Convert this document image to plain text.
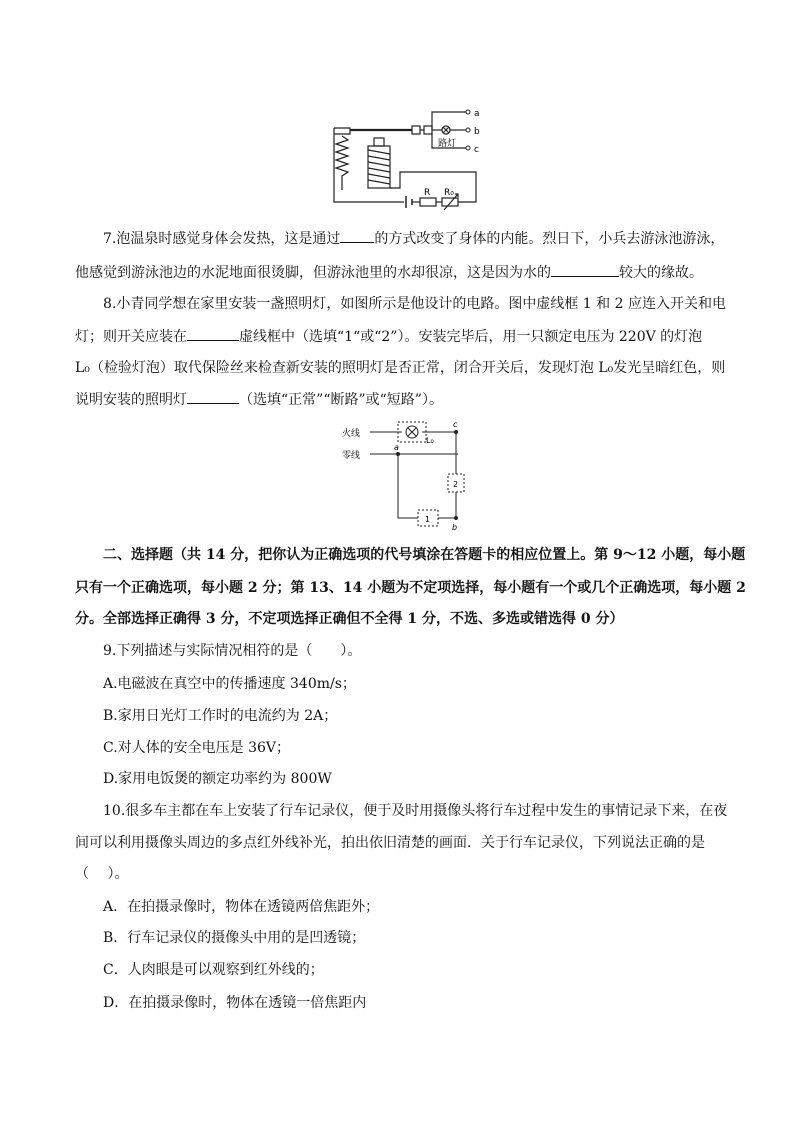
a
b
c
路灯
R R₀
7.泡温泉时感觉身体会发热，这是通过 的方式改变了身体的内能。烈日下，小兵去游泳池游泳，
他感觉到游泳池边的水泥地面很烫脚，但游泳池里的水却很凉，这是因为水的	较大的缘故。
8.小青同学想在家里安装一盏照明灯，如图所示是他设计的电路。图中虚线框 1 和 2 应连入开关和电
灯；则开关应装在	虚线框中（选填“1“或“2”）。安装完毕后，用一只额定电压为 220V 的灯泡
L₀（检验灯泡）取代保险丝来检查新安装的照明灯是否正常，闭合开关后，发现灯泡 L₀发光呈暗红色，则
说明安装的照明灯	（选填“正常”“断路”或“短路”）。
火线
零线
L₀
a
b
c
2
1
二、选择题（共 14 分，把你认为正确选项的代号填涂在答题卡的相应位置上。第 9～12 小题，每小题
只有一个正确选项，每小题 2 分；第 13、14 小题为不定项选择，每小题有一个或几个正确选项，每小题 2
分。全部选择正确得 3 分，不定项选择正确但不全得 1 分，不选、多选或错选得 0 分）
9.下列描述与实际情况相符的是（　　）。
A.电磁波在真空中的传播速度 340m/s；
B.家用日光灯工作时的电流约为 2A；
C.对人体的安全电压是 36V；
D.家用电饭煲的额定功率约为 800W
10.很多车主都在车上安装了行车记录仪，便于及时用摄像头将行车过程中发生的事情记录下来，在夜
间可以利用摄像头周边的多点红外线补光，拍出依旧清楚的画面．关于行车记录仪，下列说法正确的是
（　 ）。
A．在拍摄录像时，物体在透镜两倍焦距外；
B．行车记录仪的摄像头中用的是凹透镜；
C．人肉眼是可以观察到红外线的；
D．在拍摄录像时，物体在透镜一倍焦距内
